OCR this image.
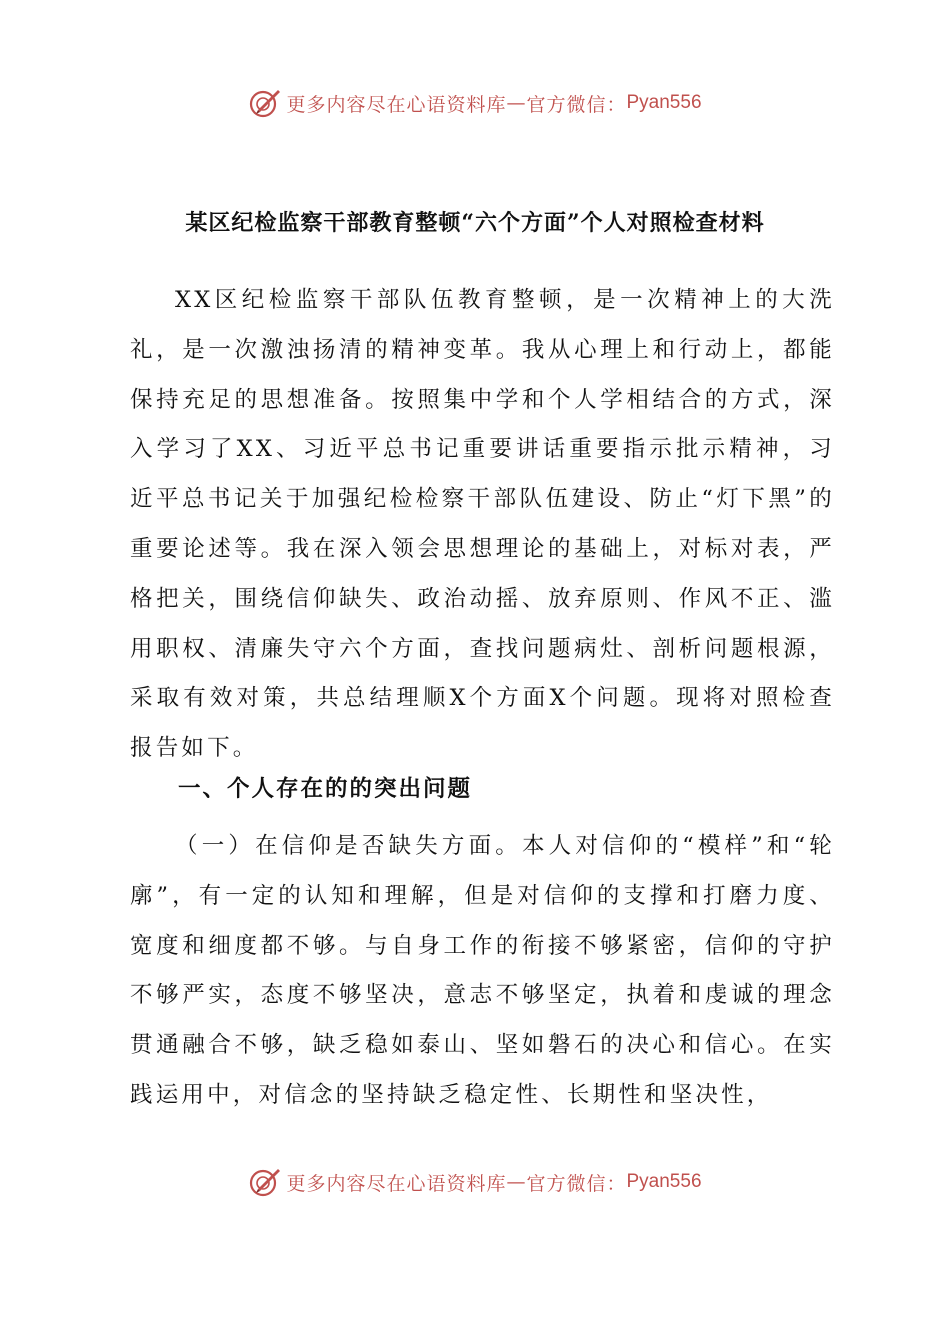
更多内容尽在心语资料库 — 官方微信： Pyan556
某区纪检监察干部教育整顿“六个方面”个人对照检查材料

XX区纪检监察干部队伍教育整顿，是一次精神上的大洗礼，是一次激浊扬清的精神变革。我从心理上和行动上，都能保持充足的思想准备。按照集中学和个人学相结合的方式，深入学习了XX、习近平总书记重要讲话重要指示批示精神，习近平总书记关于加强纪检检察干部队伍建设、防止“灯下黑”的重要论述等。我在深入领会思想理论的基础上，对标对表，严格把关，围绕信仰缺失、政治动摇、放弃原则、作风不正、滥用职权、清廉失守六个方面，查找问题病灶、剖析问题根源，采取有效对策，共总结理顺X个方面X个问题。现将对照检查报告如下。

一、个人存在的的突出问题

（一）在信仰是否缺失方面。本人对信仰的“模样”和“轮廓”，有一定的认知和理解，但是对信仰的支撑和打磨力度、宽度和细度都不够。与自身工作的衔接不够紧密，信仰的守护不够严实，态度不够坚决，意志不够坚定，执着和虔诚的理念贯通融合不够，缺乏稳如泰山、坚如磐石的决心和信心。在实践运用中，对信念的坚持缺乏稳定性、长期性和坚决性，

更多内容尽在心语资料库 — 官方微信： Pyan556
